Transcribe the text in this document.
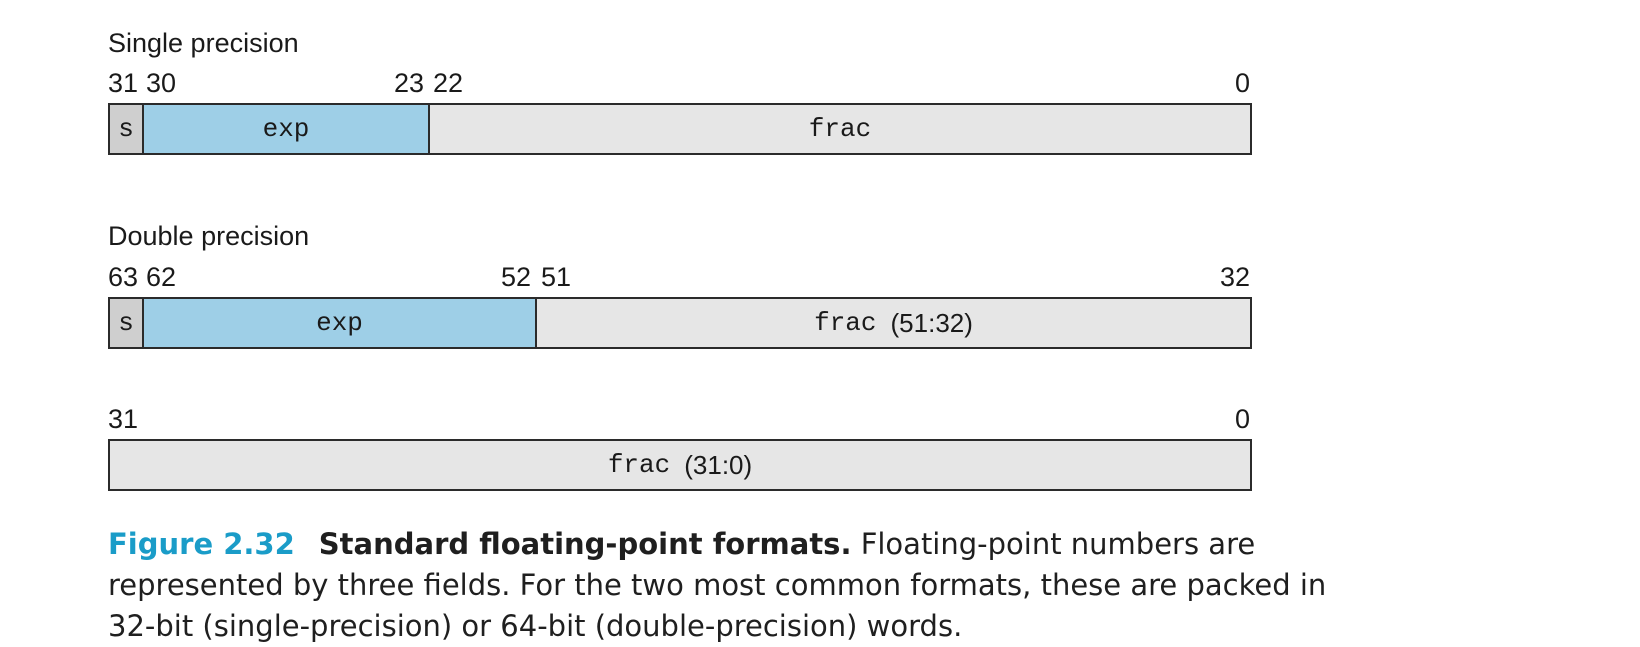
Single precision
31 30	23 22	0
s	exp	frac
Double precision
63 62	52 51	32
s	exp	frac (51:32)
31	0
frac (31:0)
Figure 2.32 Standard floating-point formats. Floating-point numbers are represented by three fields. For the two most common formats, these are packed in 32-bit (single-precision) or 64-bit (double-precision) words.
